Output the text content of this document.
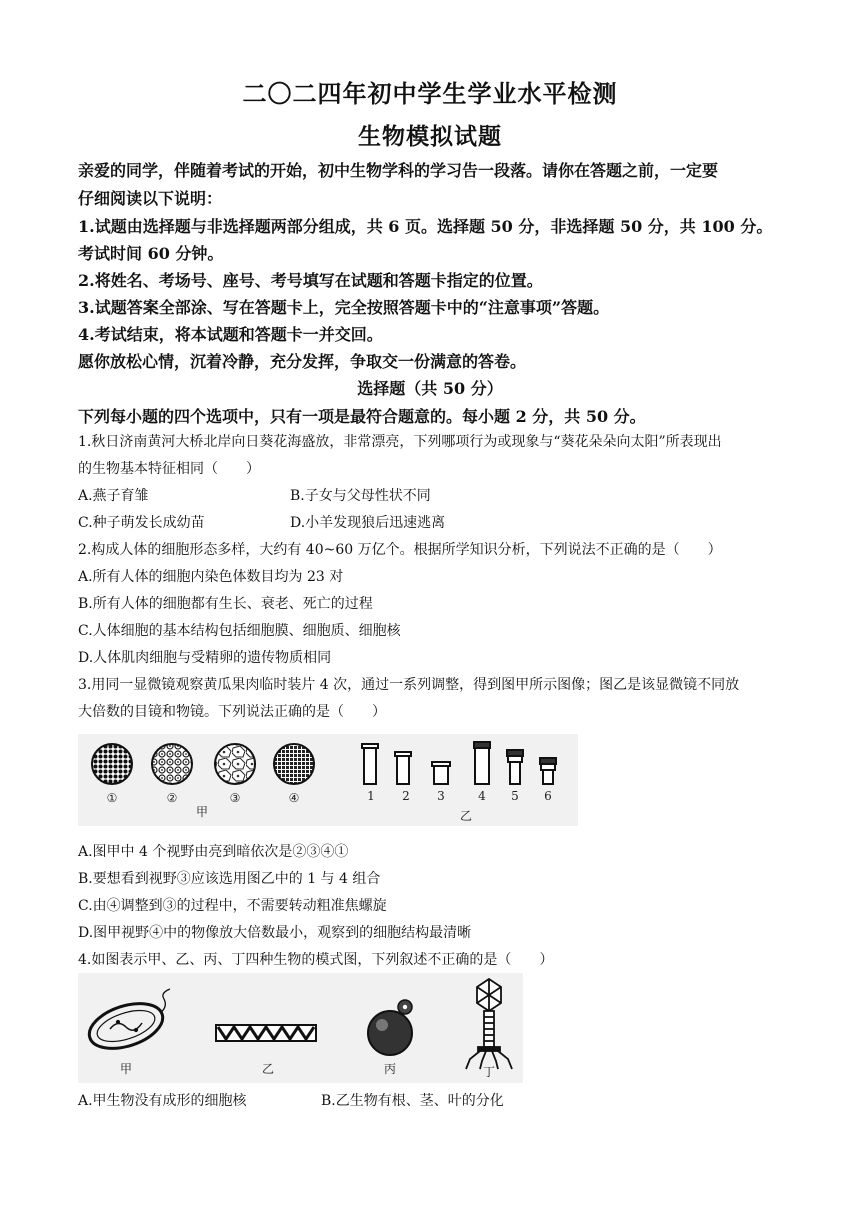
二〇二四年初中学生学业水平检测
生物模拟试题
亲爱的同学，伴随着考试的开始，初中生物学科的学习告一段落。请你在答题之前，一定要
仔细阅读以下说明：
1.试题由选择题与非选择题两部分组成，共 6 页。选择题 50 分，非选择题 50 分，共 100 分。
考试时间 60 分钟。
2.将姓名、考场号、座号、考号填写在试题和答题卡指定的位置。
3.试题答案全部涂、写在答题卡上，完全按照答题卡中的“注意事项”答题。
4.考试结束，将本试题和答题卡一并交回。
愿你放松心情，沉着冷静，充分发挥，争取交一份满意的答卷。
选择题（共 50 分）
下列每小题的四个选项中，只有一项是最符合题意的。每小题 2 分，共 50 分。
1.秋日济南黄河大桥北岸向日葵花海盛放，非常漂亮，下列哪项行为或现象与“葵花朵朵向太阳”所表现出
的生物基本特征相同（　　）
A.燕子育雏	B.子女与父母性状不同
C.种子萌发长成幼苗	D.小羊发现狼后迅速逃离
2.构成人体的细胞形态多样，大约有 40~60 万亿个。根据所学知识分析，下列说法不正确的是（　　）
A.所有人体的细胞内染色体数目均为 23 对
B.所有人体的细胞都有生长、衰老、死亡的过程
C.人体细胞的基本结构包括细胞膜、细胞质、细胞核
D.人体肌肉细胞与受精卵的遗传物质相同
3.用同一显微镜观察黄瓜果肉临时装片 4 次，通过一系列调整，得到图甲所示图像；图乙是该显微镜不同放
大倍数的目镜和物镜。下列说法正确的是（　　）
①	②	③	④
甲
1 2 3	4 5 6
乙
A.图甲中 4 个视野由亮到暗依次是②③④①
B.要想看到视野③应该选用图乙中的 1 与 4 组合
C.由④调整到③的过程中，不需要转动粗准焦螺旋
D.图甲视野④中的物像放大倍数最小，观察到的细胞结构最清晰
4.如图表示甲、乙、丙、丁四种生物的模式图，下列叙述不正确的是（　　）
甲	乙	丙	丁
A.甲生物没有成形的细胞核	B.乙生物有根、茎、叶的分化
